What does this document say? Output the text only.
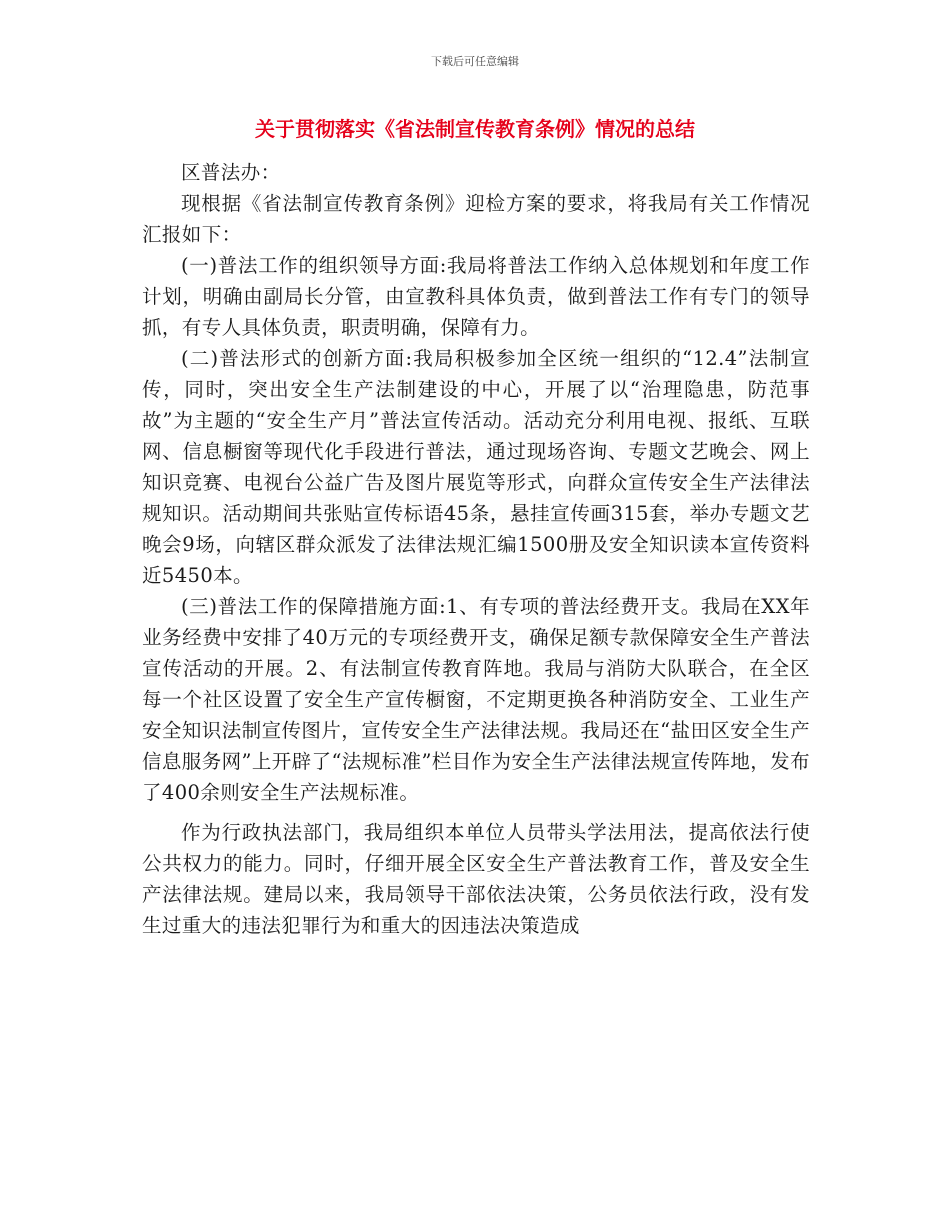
下载后可任意编辑
关于贯彻落实《省法制宣传教育条例》情况的总结

区普法办：

现根据《省法制宣传教育条例》迎检方案的要求，将我局有关工作情况汇报如下：

(一)普法工作的组织领导方面:我局将普法工作纳入总体规划和年度工作计划，明确由副局长分管，由宣教科具体负责，做到普法工作有专门的领导抓，有专人具体负责，职责明确，保障有力。

(二)普法形式的创新方面:我局积极参加全区统一组织的“12.4”法制宣传，同时，突出安全生产法制建设的中心，开展了以“治理隐患，防范事故”为主题的“安全生产月”普法宣传活动。活动充分利用电视、报纸、互联网、信息橱窗等现代化手段进行普法，通过现场咨询、专题文艺晚会、网上知识竞赛、电视台公益广告及图片展览等形式，向群众宣传安全生产法律法规知识。活动期间共张贴宣传标语45条，悬挂宣传画315套，举办专题文艺晚会9场，向辖区群众派发了法律法规汇编1500册及安全知识读本宣传资料近5450本。

(三)普法工作的保障措施方面:1、有专项的普法经费开支。我局在XX年业务经费中安排了40万元的专项经费开支，确保足额专款保障安全生产普法宣传活动的开展。2、有法制宣传教育阵地。我局与消防大队联合，在全区每一个社区设置了安全生产宣传橱窗，不定期更换各种消防安全、工业生产安全知识法制宣传图片，宣传安全生产法律法规。我局还在“盐田区安全生产信息服务网”上开辟了“法规标准”栏目作为安全生产法律法规宣传阵地，发布了400余则安全生产法规标准。

作为行政执法部门，我局组织本单位人员带头学法用法，提高依法行使公共权力的能力。同时，仔细开展全区安全生产普法教育工作，普及安全生产法律法规。建局以来，我局领导干部依法决策，公务员依法行政，没有发生过重大的违法犯罪行为和重大的因违法决策造成
